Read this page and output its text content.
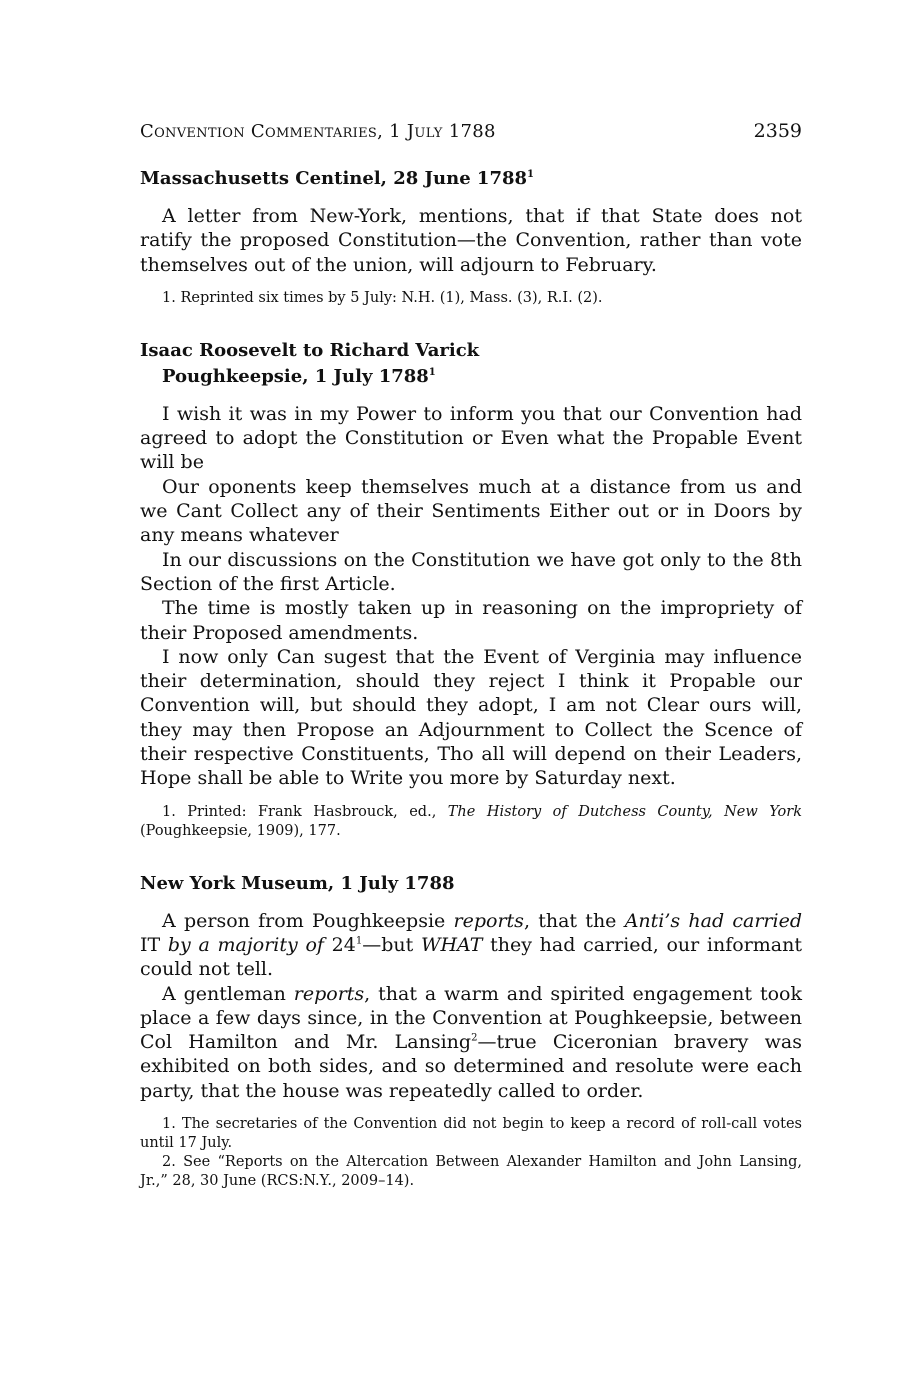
Convention Commentaries, 1 July 1788	2359
Massachusetts Centinel, 28 June 1788$^1$

A letter from New-York, mentions, that if that State does not ratify the proposed Constitution—the Convention, rather than vote themselves out of the union, will adjourn to February.

1. Reprinted six times by 5 July: N.H. (1), Mass. (3), R.I. (2).

Isaac Roosevelt to Richard Varick
Poughkeepsie, 1 July 1788$^1$

I wish it was in my Power to inform you that our Convention had agreed to adopt the Constitution or Even what the Propable Event will be

Our oponents keep themselves much at a distance from us and we Cant Collect any of their Sentiments Either out or in Doors by any means whatever

In our discussions on the Constitution we have got only to the 8th Section of the first Article.

The time is mostly taken up in reasoning on the impropriety of their Proposed amendments.

I now only Can sugest that the Event of Verginia may influence their determination, should they reject I think it Propable our Convention will, but should they adopt, I am not Clear ours will, they may then Propose an Adjournment to Collect the Scence of their respective Constituents, Tho all will depend on their Leaders, Hope shall be able to Write you more by Saturday next.

1. Printed: Frank Hasbrouck, ed., The History of Dutchess County, New York (Poughkeepsie, 1909), 177.

New York Museum, 1 July 1788

A person from Poughkeepsie reports, that the Anti’s had carried IT by a majority of $24^1—but$ WHAT they had carried, our informant could not tell.

A gentleman reports, that a warm and spirited engagement took place a few days since, in the Convention at Poughkeepsie, between Col Hamilton and Mr. Lansing$^2$—true Ciceronian bravery was exhibited on both sides, and so determined and resolute were each party, that the house was repeatedly called to order.

1. The secretaries of the Convention did not begin to keep a record of roll-call votes until 17 July.

2. See “Reports on the Altercation Between Alexander Hamilton and John Lansing, Jr.,” 28, 30 June (RCS:N.Y., 2009–14).
